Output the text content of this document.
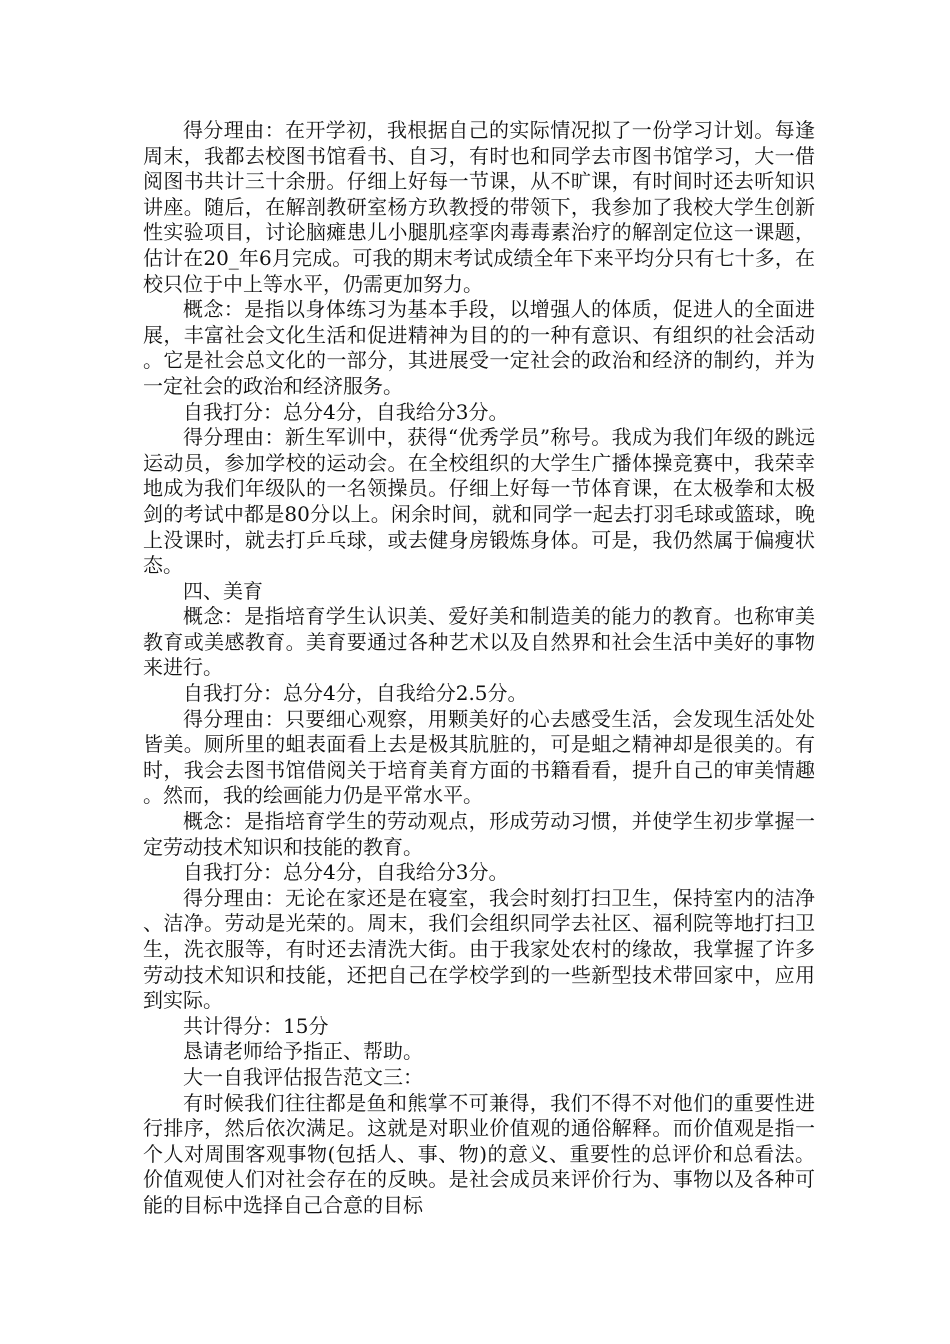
得分理由：在开学初，我根据自己的实际情况拟了一份学习计划。每逢周末，我都去校图书馆看书、自习，有时也和同学去市图书馆学习，大一借阅图书共计三十余册。仔细上好每一节课，从不旷课，有时间时还去听知识讲座。随后，在解剖教研室杨方玖教授的带领下，我参加了我校大学生创新性实验项目，讨论脑瘫患儿小腿肌痉挛肉毒毒素治疗的解剖定位这一课题，估计在20_年6月完成。可我的期末考试成绩全年下来平均分只有七十多，在校只位于中上等水平，仍需更加努力。

概念：是指以身体练习为基本手段，以增强人的体质，促进人的全面进展，丰富社会文化生活和促进精神为目的的一种有意识、有组织的社会活动。它是社会总文化的一部分，其进展受一定社会的政治和经济的制约，并为一定社会的政治和经济服务。

自我打分：总分4分，自我给分3分。

得分理由：新生军训中，获得“优秀学员”称号。我成为我们年级的跳远运动员，参加学校的运动会。在全校组织的大学生广播体操竞赛中，我荣幸地成为我们年级队的一名领操员。仔细上好每一节体育课，在太极拳和太极剑的考试中都是80分以上。闲余时间，就和同学一起去打羽毛球或篮球，晚上没课时，就去打乒乓球，或去健身房锻炼身体。可是，我仍然属于偏瘦状态。

四、美育

概念：是指培育学生认识美、爱好美和制造美的能力的教育。也称审美教育或美感教育。美育要通过各种艺术以及自然界和社会生活中美好的事物来进行。

自我打分：总分4分，自我给分2.5分。

得分理由：只要细心观察，用颗美好的心去感受生活，会发现生活处处皆美。厕所里的蛆表面看上去是极其肮脏的，可是蛆之精神却是很美的。有时，我会去图书馆借阅关于培育美育方面的书籍看看，提升自己的审美情趣。然而，我的绘画能力仍是平常水平。

概念：是指培育学生的劳动观点，形成劳动习惯，并使学生初步掌握一定劳动技术知识和技能的教育。

自我打分：总分4分，自我给分3分。

得分理由：无论在家还是在寝室，我会时刻打扫卫生，保持室内的洁净、洁净。劳动是光荣的。周末，我们会组织同学去社区、福利院等地打扫卫生，洗衣服等，有时还去清洗大街。由于我家处农村的缘故，我掌握了许多劳动技术知识和技能，还把自己在学校学到的一些新型技术带回家中，应用到实际。

共计得分：15分

恳请老师给予指正、帮助。

大一自我评估报告范文三：

有时候我们往往都是鱼和熊掌不可兼得，我们不得不对他们的重要性进行排序，然后依次满足。这就是对职业价值观的通俗解释。而价值观是指一个人对周围客观事物(包括人、事、物)的意义、重要性的总评价和总看法。价值观使人们对社会存在的反映。是社会成员来评价行为、事物以及各种可能的目标中选择自己合意的目标
